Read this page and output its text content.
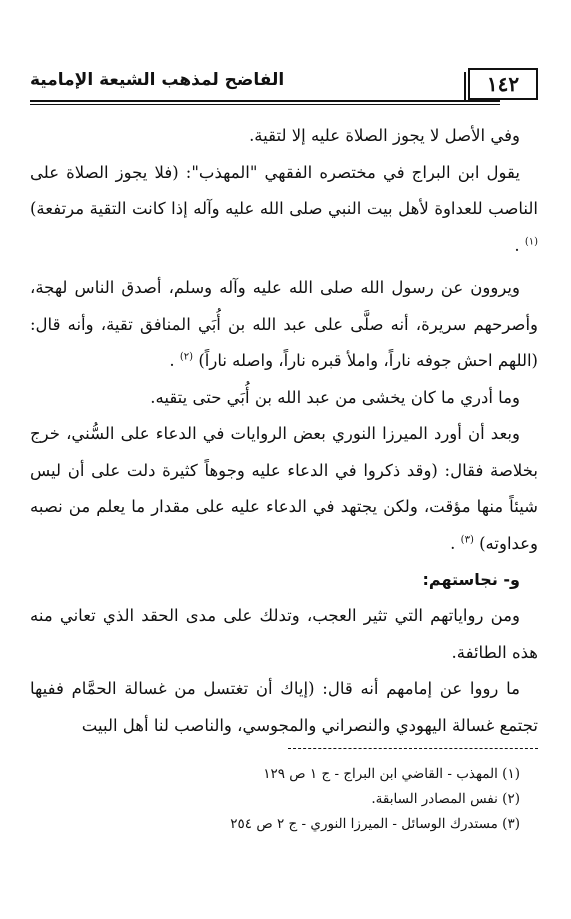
١٤٢
الفاضح لمذهب الشيعة الإمامية

وفي الأصل لا يجوز الصلاة عليه إلا لتقية.

يقول ابن البراج في مختصره الفقهي "المهذب": (فلا يجوز الصلاة على الناصب للعداوة لأهل بيت النبي صلى الله عليه وآله إذا كانت التقية مرتفعة) $^{(١)}$ .

ويروون عن رسول الله صلى الله عليه وآله وسلم، أصدق الناس لهجة، وأصرحهم سريرة، أنه صلَّى على عبد الله بن أُبَي المنافق تقية، وأنه قال: (اللهم احش جوفه ناراً، واملأ قبره ناراً، واصله ناراً) $^{(٢)}$ .

وما أدري ما كان يخشى من عبد الله بن أُبَي حتى يتقيه.

وبعد أن أورد الميرزا النوري بعض الروايات في الدعاء على السُّني، خرج بخلاصة فقال: (وقد ذكروا في الدعاء عليه وجوهاً كثيرة دلت على أن ليس شيئاً منها مؤقت، ولكن يجتهد في الدعاء عليه على مقدار ما يعلم من نصبه وعداوته) $^{(٣)}$ .

و- نجاستهم:

ومن رواياتهم التي تثير العجب، وتدلك على مدى الحقد الذي تعاني منه هذه الطائفة.

ما رووا عن إمامهم أنه قال: (إياك أن تغتسل من غسالة الحمَّام ففيها تجتمع غسالة اليهودي والنصراني والمجوسي، والناصب لنا أهل البيت

(١) المهذب - القاضي ابن البراج - ج ١ ص ١٢٩

(٢) نفس المصادر السابقة.

(٣) مستدرك الوسائل - الميرزا النوري - ج ٢ ص ٢٥٤
